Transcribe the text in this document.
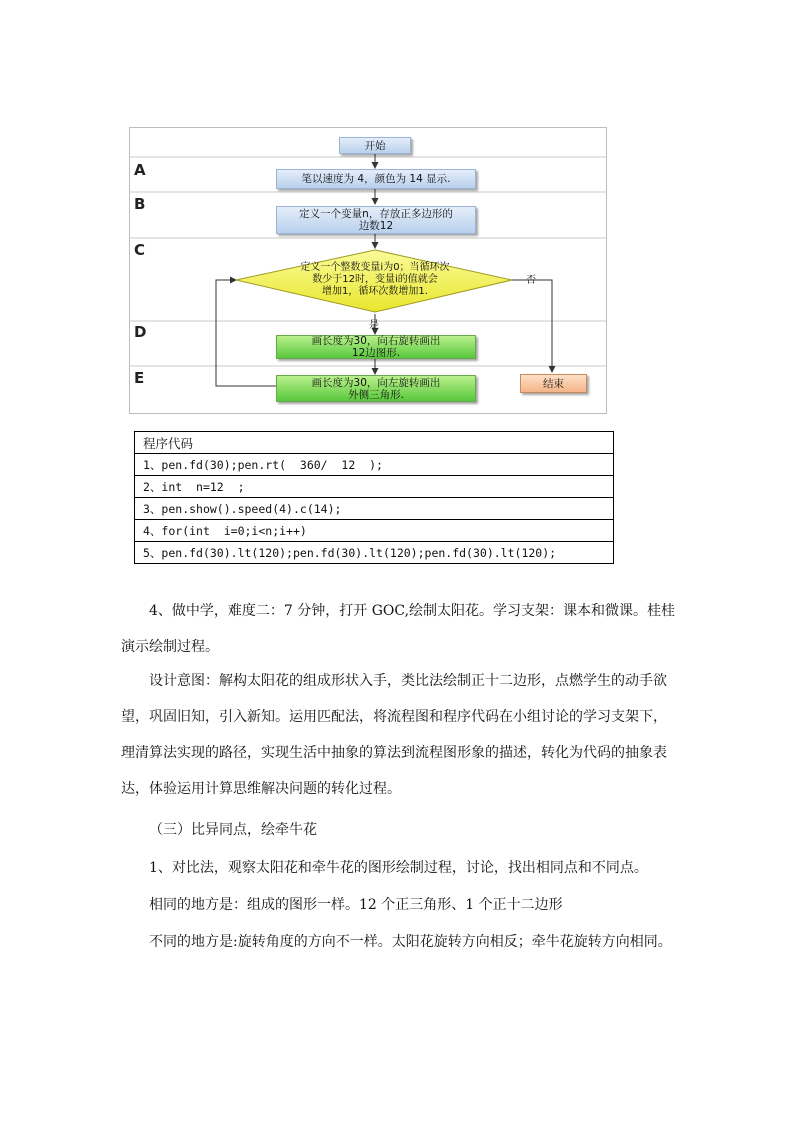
A
B
C
D
E
开始
笔以速度为 4，颜色为 14 显示.
定义一个变量n，存放正多边形的
边数12
定义一个整数变量i为0；当循环次
数少于12时，变量i的值就会
增加1，循环次数增加1.
是
否
画长度为30，向右旋转画出
12边图形.
画长度为30，向左旋转画出
外侧三角形.
结束
程序代码
1、pen.fd(30);pen.rt(  360/  12  );
2、int  n=12  ;
3、pen.show().speed(4).c(14);
4、for(int  i=0;i<n;i++)
5、pen.fd(30).lt(120);pen.fd(30).lt(120);pen.fd(30).lt(120);

4、做中学，难度二：7 分钟，打开 GOC,绘制太阳花。学习支架：课本和微课。桂桂演示绘制过程。

设计意图：解构太阳花的组成形状入手，类比法绘制正十二边形，点燃学生的动手欲望，巩固旧知，引入新知。运用匹配法，将流程图和程序代码在小组讨论的学习支架下，理清算法实现的路径，实现生活中抽象的算法到流程图形象的描述，转化为代码的抽象表达，体验运用计算思维解决问题的转化过程。

（三）比异同点，绘牵牛花
1、对比法，观察太阳花和牵牛花的图形绘制过程，讨论，找出相同点和不同点。
相同的地方是：组成的图形一样。12 个正三角形、1 个正十二边形
不同的地方是:旋转角度的方向不一样。太阳花旋转方向相反；牵牛花旋转方向相同。
